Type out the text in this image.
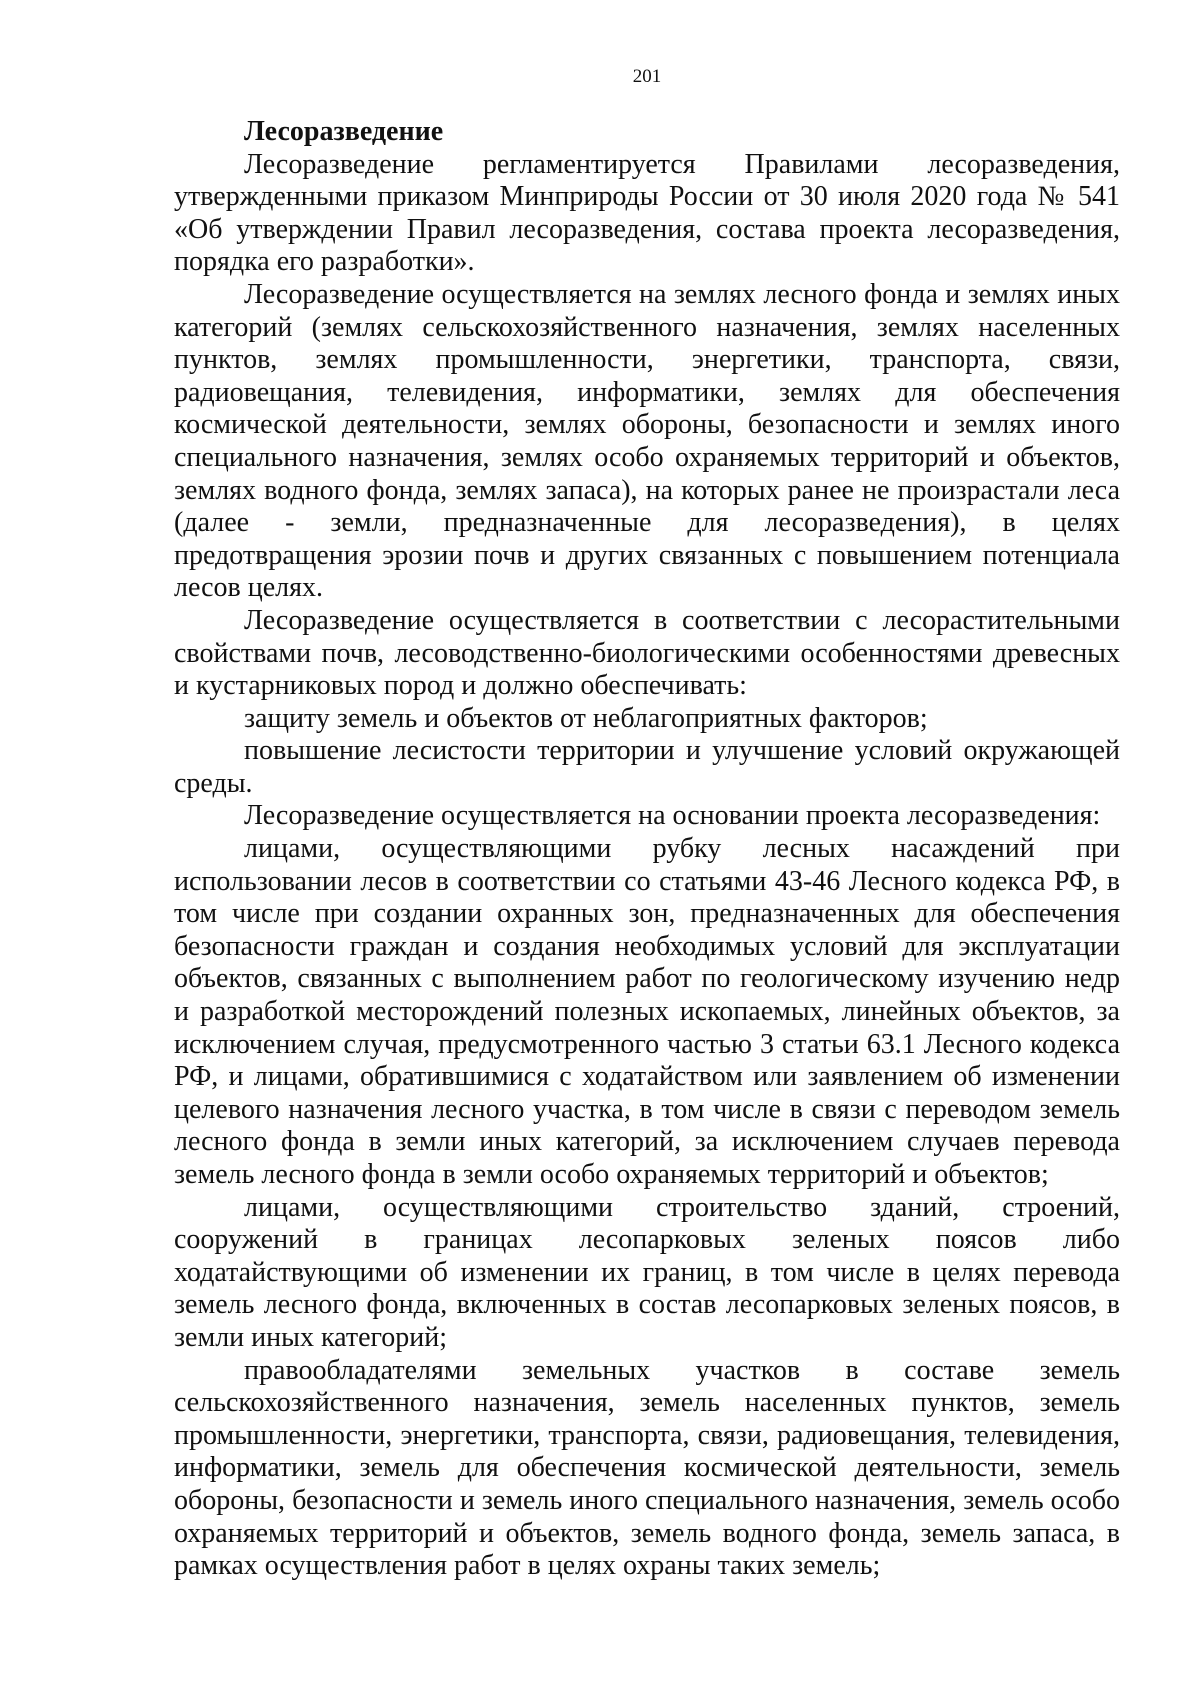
201

Лесоразведение

Лесоразведение регламентируется Правилами лесоразведения, утвержденными приказом Минприроды России от 30 июля 2020 года № 541 «Об утверждении Правил лесоразведения, состава проекта лесоразведения, порядка его разработки».

Лесоразведение осуществляется на землях лесного фонда и землях иных категорий (землях сельскохозяйственного назначения, землях населенных пунктов, землях промышленности, энергетики, транспорта, связи, радиовещания, телевидения, информатики, землях для обеспечения космической деятельности, землях обороны, безопасности и землях иного специального назначения, землях особо охраняемых территорий и объектов, землях водного фонда, землях запаса), на которых ранее не произрастали леса (далее - земли, предназначенные для лесоразведения), в целях предотвращения эрозии почв и других связанных с повышением потенциала лесов целях.

Лесоразведение осуществляется в соответствии с лесорастительными свойствами почв, лесоводственно-биологическими особенностями древесных и кустарниковых пород и должно обеспечивать:

защиту земель и объектов от неблагоприятных факторов;

повышение лесистости территории и улучшение условий окружающей среды.

Лесоразведение осуществляется на основании проекта лесоразведения:

лицами, осуществляющими рубку лесных насаждений при использовании лесов в соответствии со статьями 43-46 Лесного кодекса РФ, в том числе при создании охранных зон, предназначенных для обеспечения безопасности граждан и создания необходимых условий для эксплуатации объектов, связанных с выполнением работ по геологическому изучению недр и разработкой месторождений полезных ископаемых, линейных объектов, за исключением случая, предусмотренного частью 3 статьи 63.1 Лесного кодекса РФ, и лицами, обратившимися с ходатайством или заявлением об изменении целевого назначения лесного участка, в том числе в связи с переводом земель лесного фонда в земли иных категорий, за исключением случаев перевода земель лесного фонда в земли особо охраняемых территорий и объектов;

лицами, осуществляющими строительство зданий, строений, сооружений в границах лесопарковых зеленых поясов либо ходатайствующими об изменении их границ, в том числе в целях перевода земель лесного фонда, включенных в состав лесопарковых зеленых поясов, в земли иных категорий;

правообладателями земельных участков в составе земель сельскохозяйственного назначения, земель населенных пунктов, земель промышленности, энергетики, транспорта, связи, радиовещания, телевидения, информатики, земель для обеспечения космической деятельности, земель обороны, безопасности и земель иного специального назначения, земель особо охраняемых территорий и объектов, земель водного фонда, земель запаса, в рамках осуществления работ в целях охраны таких земель;
